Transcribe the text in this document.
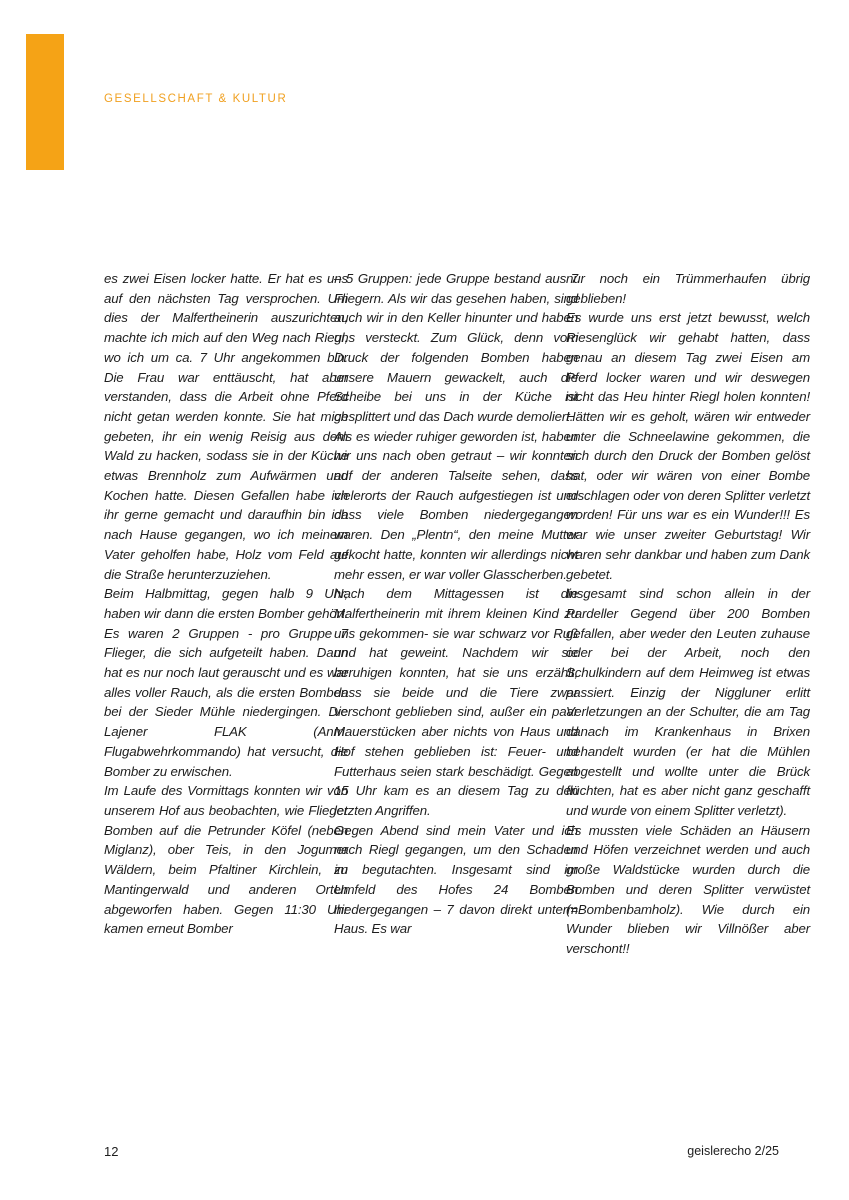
GESELLSCHAFT & KULTUR

es zwei Eisen locker hatte. Er hat es uns auf den nächsten Tag versprochen. Um dies der Malfertheinerin auszurichten, machte ich mich auf den Weg nach Riegl, wo ich um ca. 7 Uhr angekommen bin. Die Frau war enttäuscht, hat aber verstanden, dass die Arbeit ohne Pferd nicht getan werden konnte. Sie hat mich gebeten, ihr ein wenig Reisig aus dem Wald zu hacken, sodass sie in der Küche etwas Brennholz zum Aufwärmen und Kochen hatte. Diesen Gefallen habe ich ihr gerne gemacht und daraufhin bin ich nach Hause gegangen, wo ich meinem Vater geholfen habe, Holz vom Feld auf die Straße herunterzuziehen.

Beim Halbmittag, gegen halb 9 Uhr, haben wir dann die ersten Bomber gehört. Es waren 2 Gruppen - pro Gruppe 7 Flieger, die sich aufgeteilt haben. Dann hat es nur noch laut gerauscht und es war alles voller Rauch, als die ersten Bomben bei der Sieder Mühle niedergingen. Die Lajener FLAK (Anm. Flugabwehrkommando) hat versucht, die Bomber zu erwischen.

Im Laufe des Vormittags konnten wir von unserem Hof aus beobachten, wie Flieger Bomben auf die Petrunder Köfel (neben Miglanz), ober Teis, in den Jogumer Wäldern, beim Pfaltiner Kirchlein, im Mantingerwald und anderen Orten abgeworfen haben. Gegen 11:30 Uhr kamen erneut Bomber

– 5 Gruppen: jede Gruppe bestand aus 7 Fliegern. Als wir das gesehen haben, sind auch wir in den Keller hinunter und haben uns versteckt. Zum Glück, denn vom Druck der folgenden Bomben haben unsere Mauern gewackelt, auch die Scheibe bei uns in der Küche ist gesplittert und das Dach wurde demoliert.

Als es wieder ruhiger geworden ist, haben wir uns nach oben getraut – wir konnten auf der anderen Talseite sehen, dass vielerorts der Rauch aufgestiegen ist und dass viele Bomben niedergegangen waren. Den „Plentn“, den meine Mutter gekocht hatte, konnten wir allerdings nicht mehr essen, er war voller Glasscherben.

Nach dem Mittagessen ist die Malfertheinerin mit ihrem kleinen Kind zu uns gekommen- sie war schwarz vor Ruß und hat geweint. Nachdem wir sie beruhigen konnten, hat sie uns erzählt, dass sie beide und die Tiere zwar verschont geblieben sind, außer ein paar Mauerstücken aber nichts von Haus und Hof stehen geblieben ist: Feuer- und Futterhaus seien stark beschädigt. Gegen 15 Uhr kam es an diesem Tag zu den letzten Angriffen.

Gegen Abend sind mein Vater und ich nach Riegl gegangen, um den Schaden zu begutachten. Insgesamt sind im Umfeld des Hofes 24 Bomben niedergegangen – 7 davon direkt unterm Haus. Es war

nur noch ein Trümmerhaufen übrig geblieben!

Es wurde uns erst jetzt bewusst, welch Riesenglück wir gehabt hatten, dass genau an diesem Tag zwei Eisen am Pferd locker waren und wir deswegen nicht das Heu hinter Riegl holen konnten! Hätten wir es geholt, wären wir entweder unter die Schneelawine gekommen, die sich durch den Druck der Bomben gelöst hat, oder wir wären von einer Bombe erschlagen oder von deren Splitter verletzt worden! Für uns war es ein Wunder!!! Es war wie unser zweiter Geburtstag! Wir waren sehr dankbar und haben zum Dank gebetet.

Insgesamt sind schon allein in der Pardeller Gegend über 200 Bomben gefallen, aber weder den Leuten zuhause oder bei der Arbeit, noch den Schulkindern auf dem Heimweg ist etwas passiert. Einzig der Niggluner erlitt Verletzungen an der Schulter, die am Tag danach im Krankenhaus in Brixen behandelt wurden (er hat die Mühlen abgestellt und wollte unter die Brück flüchten, hat es aber nicht ganz geschafft und wurde von einem Splitter verletzt).

Es mussten viele Schäden an Häusern und Höfen verzeichnet werden und auch große Waldstücke wurden durch die Bomben und deren Splitter verwüstet (=Bombenbamholz). Wie durch ein Wunder blieben wir Villnößer aber verschont!!

12	geislerecho 2/25
